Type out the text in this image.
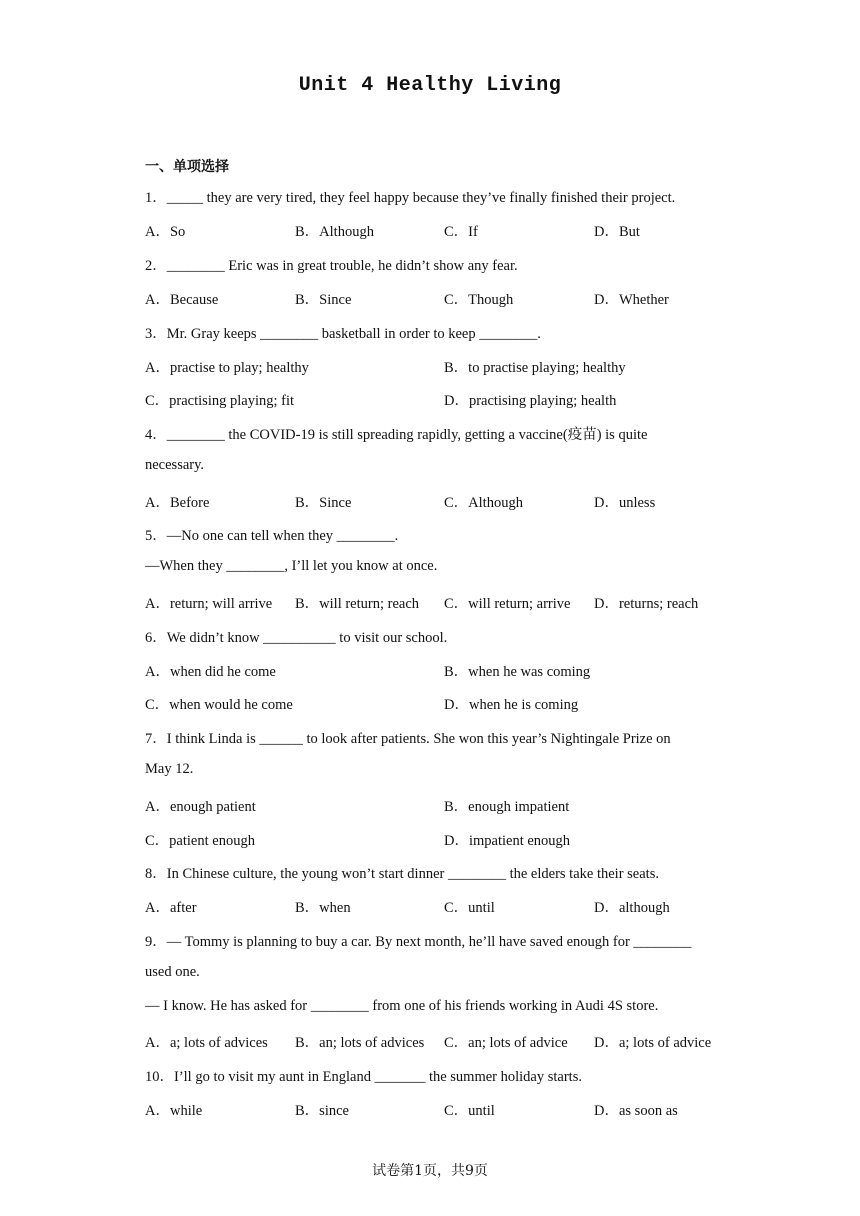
Unit 4 Healthy Living
一、单项选择
1．_____ they are very tired, they feel happy because they’ve finally finished their project.
A．So	B．Although	C．If	D．But
2．________ Eric was in great trouble, he didn’t show any fear.
A．Because	B．Since	C．Though	D．Whether
3．Mr. Gray keeps ________ basketball in order to keep ________.
A．practise to play; healthy	B．to practise playing; healthy
C．practising playing; fit	D．practising playing; health
4．________ the COVID-19 is still spreading rapidly, getting a vaccine(疫苗) is quite
necessary.
A．Before	B．Since	C．Although	D．unless
5．—No one can tell when they ________.
—When they ________, I’ll let you know at once.
A．return; will arrive B．will return; reach C．will return; arrive D．returns; reach
6．We didn’t know __________ to visit our school.
A．when did he come	B．when he was coming
C．when would he come	D．when he is coming
7．I think Linda is ______ to look after patients. She won this year’s Nightingale Prize on
May 12.
A．enough patient	B．enough impatient
C．patient enough	D．impatient enough
8．In Chinese culture, the young won’t start dinner ________ the elders take their seats.
A．after	B．when	C．until	D．although
9．— Tommy is planning to buy a car. By next month, he’ll have saved enough for ________
used one.
— I know. He has asked for ________ from one of his friends working in Audi 4S store.
A．a; lots of advices B．an; lots of advices C．an; lots of advice D．a; lots of advice
10．I’ll go to visit my aunt in England _______ the summer holiday starts.
A．while	B．since	C．until	D．as soon as
试卷第1页，共9页
